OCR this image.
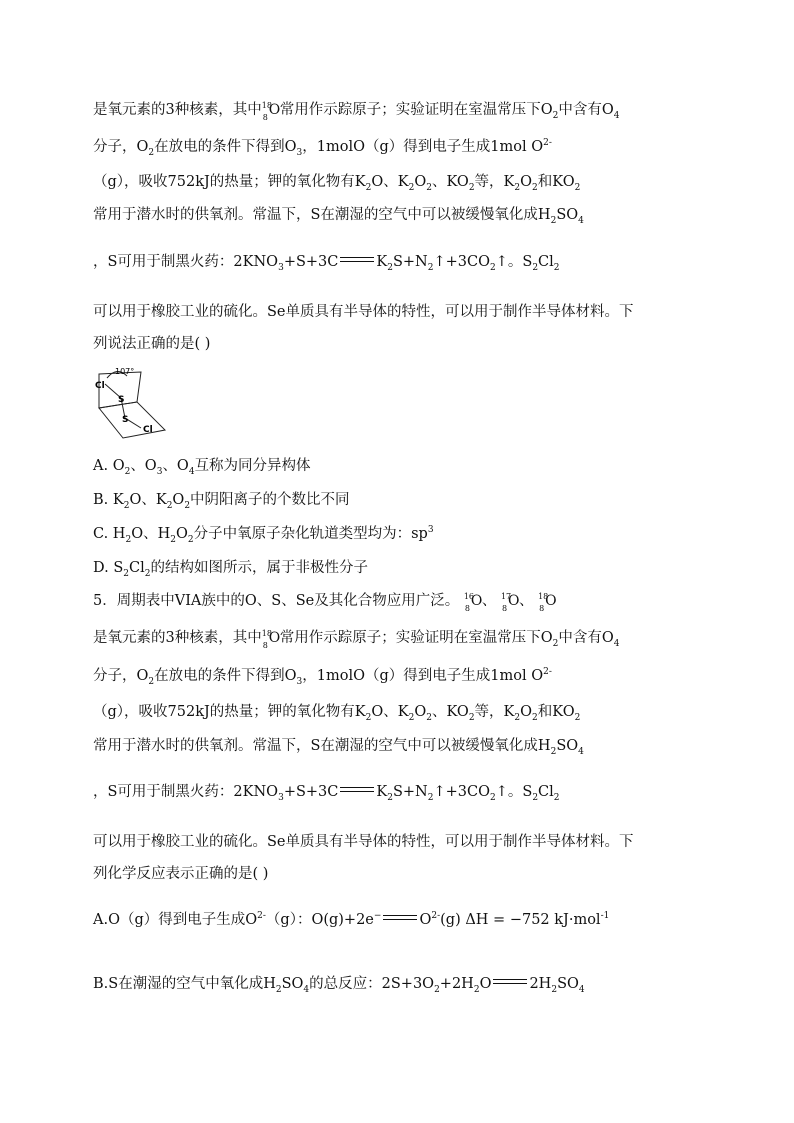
是氧元素的3种核素，其中 18
8 O 常用作示踪原子；实验证明在室温常压下$O_2$中含有$O_4$
分子，$O_2$在放电的条件下得到$O_3$，1molO（g）得到电子生成1mol $O^{2-}$
（g），吸收752kJ的热量；钾的氧化物有$K_2O$、$K_2O_2$、$KO_2$等，$K_2O_2$和$KO_2$
常用于潜水时的供氧剂。常温下，S在潮湿的空气中可以被缓慢氧化成$H_2SO_4$
，S可用于制黑火药：$2KNO_3+S+3C$	$K_2S+N_2↑+3CO_2↑$。$S_2Cl_2$
可以用于橡胶工业的硫化。Se单质具有半导体的特性，可以用于制作半导体材料。下
列说法正确的是( )
107°
Cl
S
S
Cl
A. $O_2$、$O_3$、$O_4$互称为同分异构体
B. $K_2O$、$K_2O_2$中阴阳离子的个数比不同
C. $H_2O$、$H_2O_2$分子中氧原子杂化轨道类型均为：$sp^3$
D. $S_2Cl_2$的结构如图所示，属于非极性分子
5．周期表中VIA族中的O、S、Se及其化合物应用广泛。 16
8 O 、 17
8 O 、 18
8 O
是氧元素的3种核素，其中 18
8 O 常用作示踪原子；实验证明在室温常压下$O_2$中含有$O_4$
分子，$O_2$在放电的条件下得到$O_3$，1molO（g）得到电子生成1mol $O^{2-}$
（g），吸收752kJ的热量；钾的氧化物有$K_2O$、$K_2O_2$、$KO_2$等，$K_2O_2$和$KO_2$
常用于潜水时的供氧剂。常温下，S在潮湿的空气中可以被缓慢氧化成$H_2SO_4$
，S可用于制黑火药：$2KNO_3+S+3C$	$K_2S+N_2↑+3CO_2↑$。$S_2Cl_2$
可以用于橡胶工业的硫化。Se单质具有半导体的特性，可以用于制作半导体材料。下
列化学反应表示正确的是( )
A.O（g）得到电子生成$O^{2-}(g)$：O(g)+2e−	$O^{2-}(g) \Delta H = -752$ kJ·mol$^{-1}$
B.S在潮湿的空气中氧化成$H_2SO_4$的总反应：$2S+3O_2+2H_2O$	$2H_2SO_4$
